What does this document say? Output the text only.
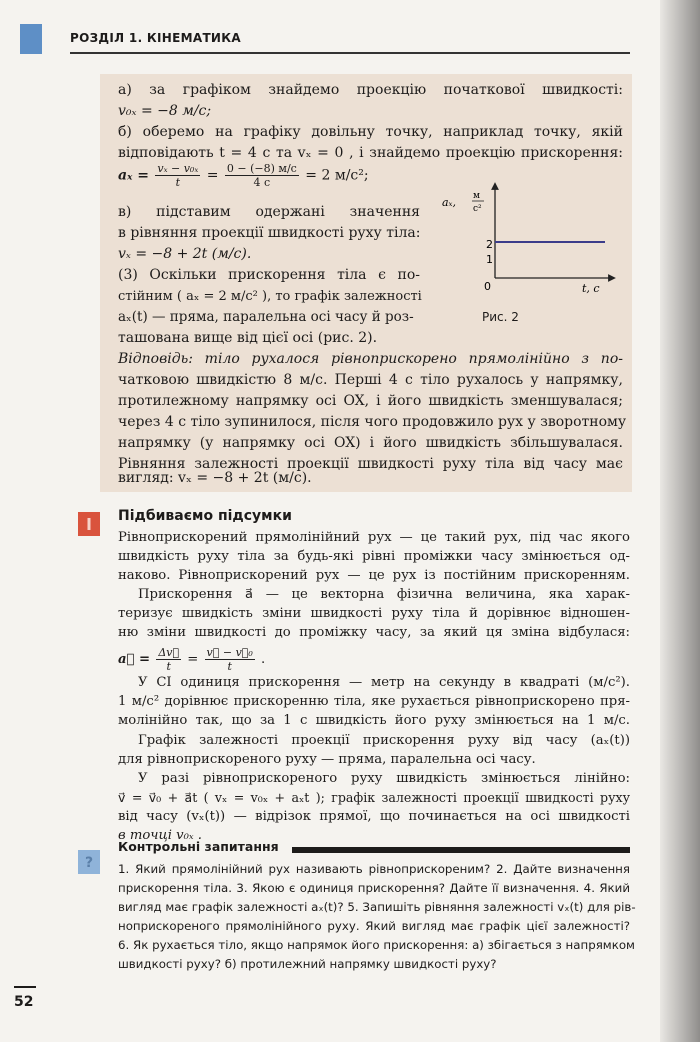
РОЗДІЛ 1. КІНЕМАТИКА
а) за графіком знайдемо проекцію початкової швидкості:
v₀ₓ = −8 м/с;
б) оберемо на графіку довільну точку, наприклад точку, якій
відповідають t = 4 с та vₓ = 0 , і знайдемо проекцію прискорення:
$a_x = \frac{\text{vₓ − v₀ₓ}}{t} = \frac{0 - (-8) м/с}{4 с} = 2$ м/с²;
в) підставим одержані значення
в рівняння проекції швидкості руху тіла:
vₓ = −8 + 2t (м/с).
(3) Оскільки прискорення тіла є по-
стійним ( aₓ = 2 м/с² ), то графік залежності
aₓ(t) — пряма, паралельна осі часу й роз-
ташована вище від цієї осі (рис. 2).
aₓ, м
с²
2
1
0	t, с
Рис. 2
Відповідь: тіло рухалося рівноприскорено прямолінійно з по-
чатковою швидкістю 8 м/с. Перші 4 с тіло рухалось у напрямку,
протилежному напрямку осі OX, і його швидкість зменшувалася;
через 4 с тіло зупинилося, після чого продовжило рух у зворотному
напрямку (у напрямку осі OX) і його швидкість збільшувалася.
Рівняння залежності проекції швидкості руху тіла від часу має
вигляд: vₓ = −8 + 2t (м/с).
Підбиваємо підсумки
Рівноприскорений прямолінійний рух — це такий рух, під час якого
швидкість руху тіла за будь-які рівні проміжки часу змінюється од-
наково. Рівноприскорений рух — це рух із постійним прискоренням.
Прискорення a⃗ — це векторна фізична величина, яка харак-
теризує швидкість зміни швидкості руху тіла й дорівнює відношен-
ню зміни швидкості до проміжку часу, за який ця зміна відбулася:
a⃗ = $\frac{\Delta v⃗}{t} = \frac{\text{v⃗ − v⃗₀}}{t}$ .
У СІ одиниця прискорення — метр на секунду в квадраті (м/с²).
1 м/с² дорівнює прискоренню тіла, яке рухається рівноприскорено пря-
молінійно так, що за 1 с швидкість його руху змінюється на 1 м/с.
Графік залежності проекції прискорення руху від часу (aₓ(t))
для рівноприскореного руху — пряма, паралельна осі часу.
У разі рівноприскореного руху швидкість змінюється лінійно:
v⃗ = v⃗₀ + a⃗t ( vₓ = v₀ₓ + aₓt ); графік залежності проекції швидкості руху
від часу (vₓ(t)) — відрізок прямої, що починається на осі швидкості
в точці v₀ₓ .
?
Контрольні запитання
1. Який прямолінійний рух називають рівноприскореним? 2. Дайте визначення
прискорення тіла. 3. Якою є одиниця прискорення? Дайте її визначення. 4. Який
вигляд має графік залежності aₓ(t)? 5. Запишіть рівняння залежності vₓ(t) для рів-
ноприскореного прямолінійного руху. Який вигляд має графік цієї залежності?
6. Як рухається тіло, якщо напрямок його прискорення: а) збігається з напрямком
швидкості руху? б) протилежний напрямку швидкості руху?
52
